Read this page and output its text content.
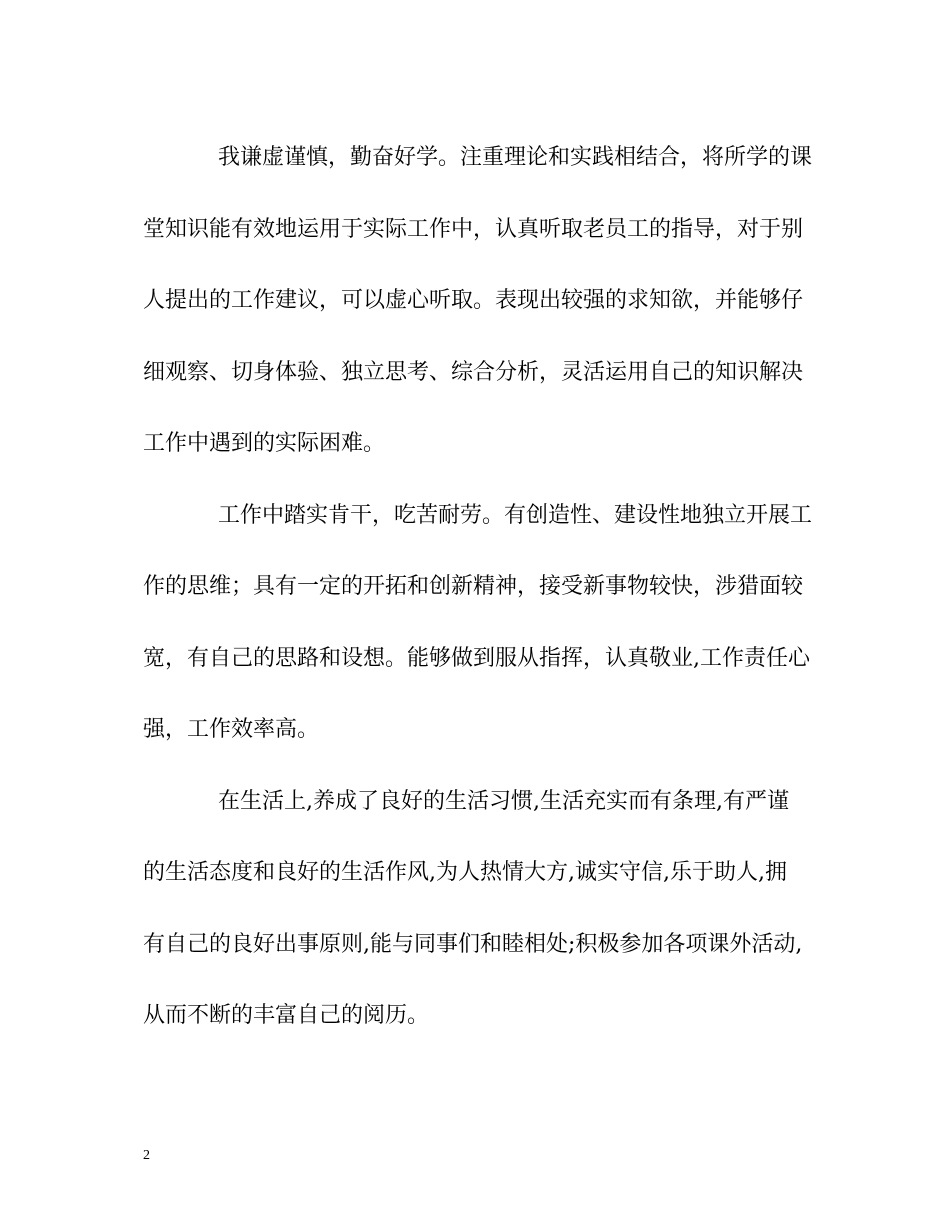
我谦虚谨慎，勤奋好学。注重理论和实践相结合，将所学的课
堂知识能有效地运用于实际工作中，认真听取老员工的指导，对于别
人提出的工作建议，可以虚心听取。表现出较强的求知欲，并能够仔
细观察、切身体验、独立思考、综合分析，灵活运用自己的知识解决
工作中遇到的实际困难。
工作中踏实肯干，吃苦耐劳。有创造性、建设性地独立开展工
作的思维；具有一定的开拓和创新精神，接受新事物较快，涉猎面较
宽，有自己的思路和设想。能够做到服从指挥，认真敬业,工作责任心
强，工作效率高。
在生活上,养成了良好的生活习惯,生活充实而有条理,有严谨
的生活态度和良好的生活作风,为人热情大方,诚实守信,乐于助人,拥
有自己的良好出事原则,能与同事们和睦相处;积极参加各项课外活动,
从而不断的丰富自己的阅历。
2
